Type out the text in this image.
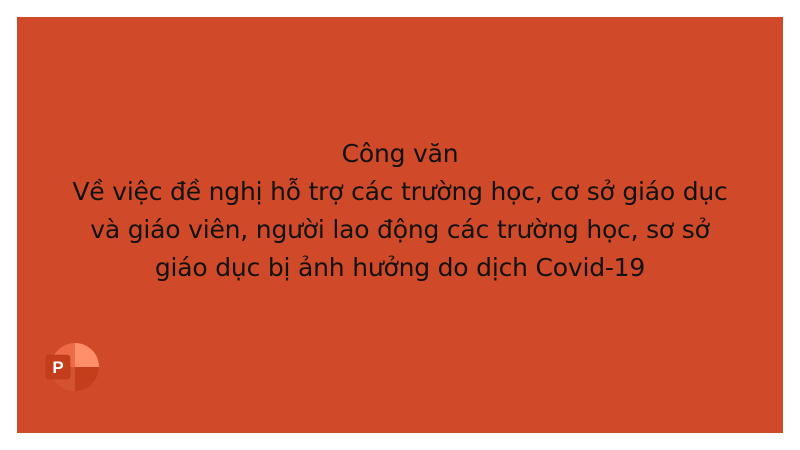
Công văn
Về việc đề nghị hỗ trợ các trường học, cơ sở giáo dục
và giáo viên, người lao động các trường học, sơ sở
giáo dục bị ảnh hưởng do dịch Covid-19
P
